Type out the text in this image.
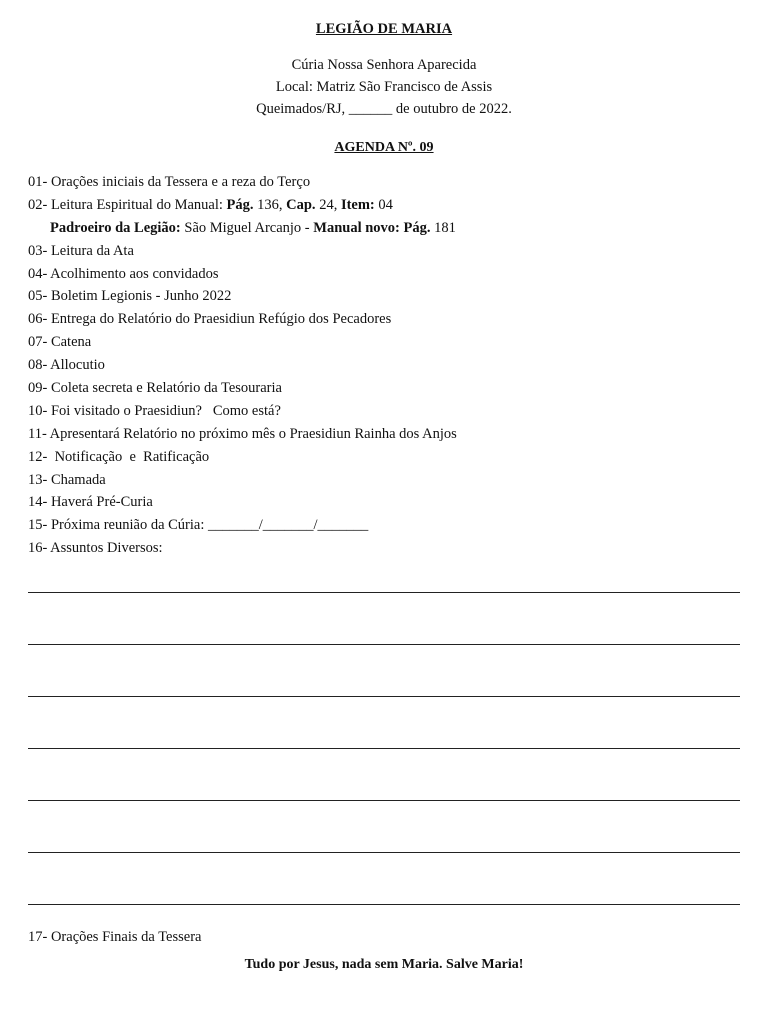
LEGIÃO DE MARIA
Cúria Nossa Senhora Aparecida
Local: Matriz São Francisco de Assis
Queimados/RJ, ______ de outubro de 2022.
AGENDA Nº. 09
01- Orações iniciais da Tessera e a reza do Terço
02- Leitura Espiritual do Manual: Pág. 136, Cap. 24, Item: 04
Padroeiro da Legião: São Miguel Arcanjo - Manual novo: Pág. 181
03- Leitura da Ata
04- Acolhimento aos convidados
05- Boletim Legionis - Junho 2022
06- Entrega do Relatório do Praesidiun Refúgio dos Pecadores
07- Catena
08- Allocutio
09- Coleta secreta e Relatório da Tesouraria
10- Foi visitado o Praesidiun?   Como está?
11- Apresentará Relatório no próximo mês o Praesidiun Rainha dos Anjos
12-  Notificação  e  Ratificação
13- Chamada
14- Haverá Pré-Curia
15- Próxima reunião da Cúria: _______/_______/_______
16- Assuntos Diversos:
17- Orações Finais da Tessera
Tudo por Jesus, nada sem Maria. Salve Maria!
